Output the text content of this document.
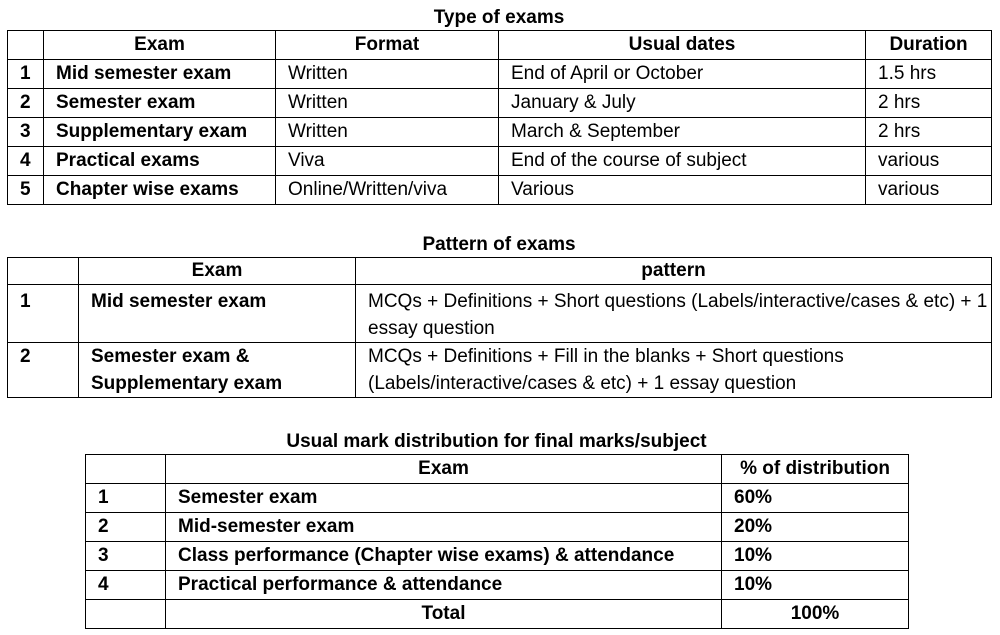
Type of exams
	Exam	Format	Usual dates	Duration
1	Mid semester exam	Written	End of April or October	1.5 hrs
2	Semester exam	Written	January & July	2 hrs
3	Supplementary exam	Written	March & September	2 hrs
4	Practical exams	Viva	End of the course of subject	various
5	Chapter wise exams	Online/Written/viva	Various	various
Pattern of exams
	Exam	pattern
1	Mid semester exam	MCQs + Definitions + Short questions (Labels/interactive/cases & etc) + 1 essay question
2	Semester exam & Supplementary exam	MCQs + Definitions + Fill in the blanks + Short questions (Labels/interactive/cases & etc) + 1 essay question
Usual mark distribution for final marks/subject
	Exam	% of distribution
1	Semester exam	60%
2	Mid-semester exam	20%
3	Class performance (Chapter wise exams) & attendance	10%
4	Practical performance & attendance	10%
	Total	100%
